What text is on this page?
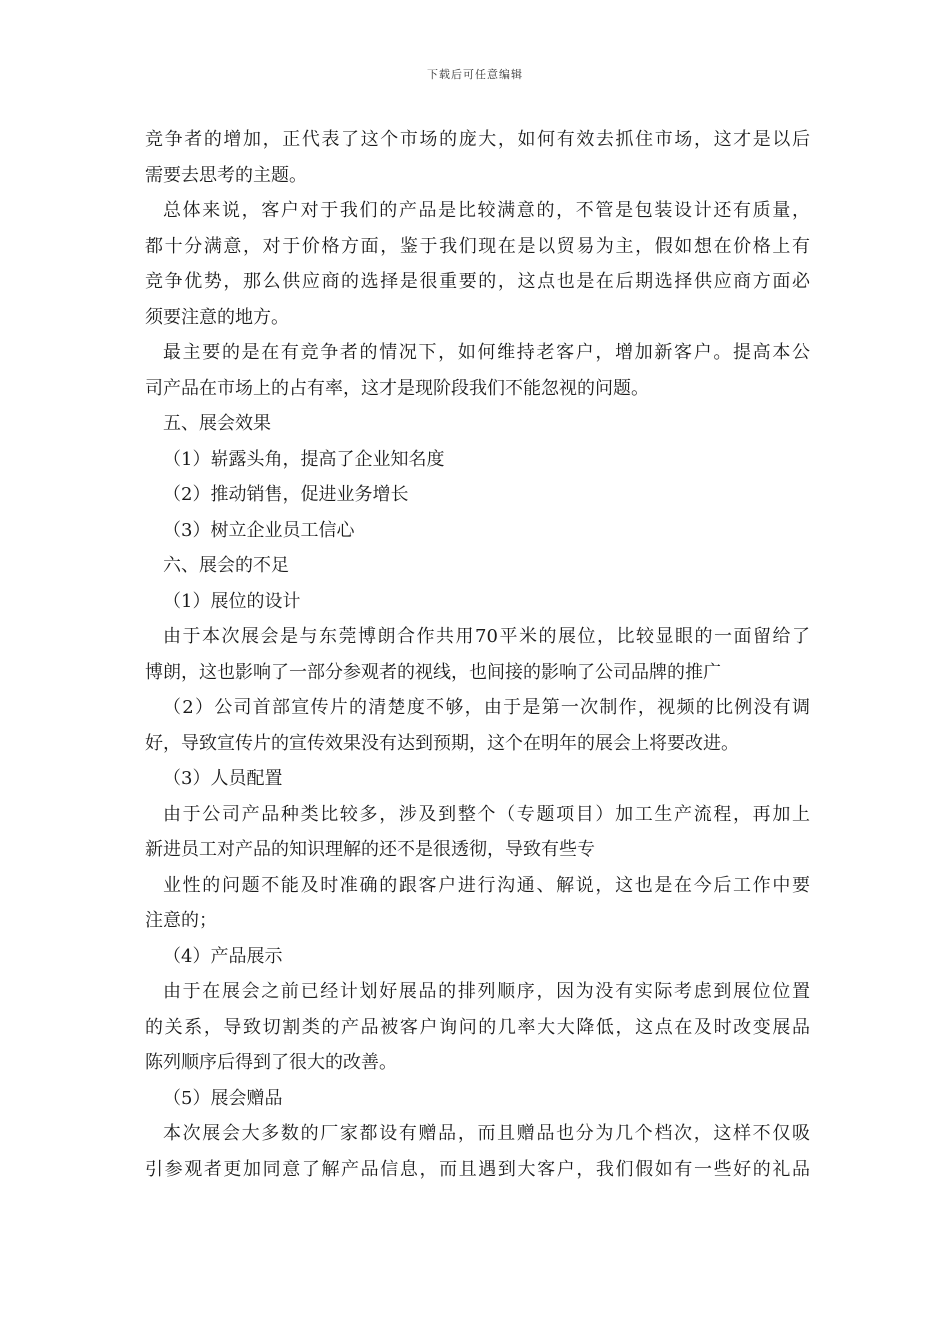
下载后可任意编辑
竞争者的增加，正代表了这个市场的庞大，如何有效去抓住市场，这才是以后
需要去思考的主题。
总体来说，客户对于我们的产品是比较满意的，不管是包装设计还有质量，
都十分满意，对于价格方面，鉴于我们现在是以贸易为主，假如想在价格上有
竞争优势，那么供应商的选择是很重要的，这点也是在后期选择供应商方面必
须要注意的地方。
最主要的是在有竞争者的情况下，如何维持老客户，增加新客户。提高本公
司产品在市场上的占有率，这才是现阶段我们不能忽视的问题。
五、展会效果
（1）崭露头角，提高了企业知名度
（2）推动销售，促进业务增长
（3）树立企业员工信心
六、展会的不足
（1）展位的设计
由于本次展会是与东莞博朗合作共用70平米的展位，比较显眼的一面留给了
博朗，这也影响了一部分参观者的视线，也间接的影响了公司品牌的推广
（2）公司首部宣传片的清楚度不够，由于是第一次制作，视频的比例没有调
好，导致宣传片的宣传效果没有达到预期，这个在明年的展会上将要改进。
（3）人员配置
由于公司产品种类比较多，涉及到整个（专题项目）加工生产流程，再加上
新进员工对产品的知识理解的还不是很透彻，导致有些专
业性的问题不能及时准确的跟客户进行沟通、解说，这也是在今后工作中要
注意的；
（4）产品展示
由于在展会之前已经计划好展品的排列顺序，因为没有实际考虑到展位位置
的关系，导致切割类的产品被客户询问的几率大大降低，这点在及时改变展品
陈列顺序后得到了很大的改善。
（5）展会赠品
本次展会大多数的厂家都设有赠品，而且赠品也分为几个档次，这样不仅吸
引参观者更加同意了解产品信息，而且遇到大客户，我们假如有一些好的礼品
